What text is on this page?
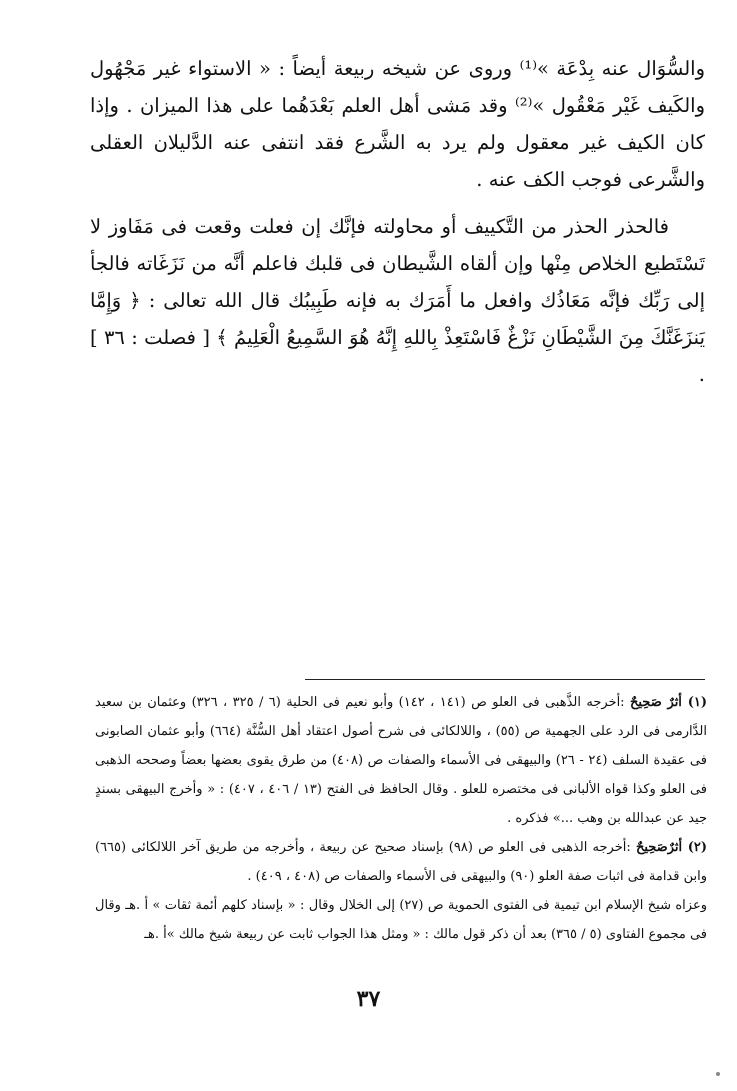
والسُّوَال عنه بِدْعَة »⁽¹⁾ وروى عن شيخه ربيعة أيضاً : « الاستواء غير مَجْهُول والكَيف غَيْر مَعْقُول »⁽²⁾ وقد مَشى أهل العلم بَعْدَهُما على هذا الميزان . وإذا كان الكيف غير معقول ولم يرد به الشَّرع فقد انتفى عنه الدَّليلان العقلى والشَّرعى فوجب الكف عنه .

فالحذر الحذر من التَّكييف أو محاولته فإنَّك إن فعلت وقعت فى مَفَاوز لا تَسْتَطيع الخلاص مِنْها وإن ألقاه الشَّيطان فى قلبك فاعلم أنَّه من نَزَغَاته فالجأ إلى رَبِّك فإنَّه مَعَاذُك وافعل ما أَمَرَك به فإنه طَبِيبُك قال الله تعالى : ﴿ وَإِمَّا يَنزَغَنَّكَ مِنَ الشَّيْطَانِ نَزْغٌ فَاسْتَعِذْ بِاللهِ إِنَّهُ هُوَ السَّمِيعُ الْعَلِيمُ ﴾ [ فصلت : ٣٦ ] .

(١) أثرٌ صَحِيحٌ :أخرجه الذَّهبى فى العلو ص (١٤١ ، ١٤٢) وأبو نعيم فى الحلية (٦ / ٣٢٥ ، ٣٢٦) وعثمان بن سعيد الدَّارمى فى الرد على الجهمية ص (٥٥) ، واللالكائى فى شرح أصول اعتقاد أهل السُّنَّة (٦٦٤) وأبو عثمان الصابونى فى عقيدة السلف (٢٤ - ٢٦) والبيهقى فى الأسماء والصفات ص (٤٠٨) من طرق يقوى بعضها بعضاً وصححه الذهبى فى العلو وكذا قواه الألبانى فى مختصره للعلو . وقال الحافظ فى الفتح (١٣ / ٤٠٦ ، ٤٠٧) : « وأخرج البيهقى بسندٍ جيد عن عبدالله بن وهب ...» فذكره .

(٢) أثرٌصَحِيحٌ :أخرجه الذهبى فى العلو ص (٩٨) بإسناد صحيح عن ربيعة ، وأخرجه من طريق آخر اللالكائى (٦٦٥) وابن قدامة فى اثبات صفة العلو (٩٠) والبيهقى فى الأسماء والصفات ص (٤٠٨ ، ٤٠٩) .

وعزاه شيخ الإسلام ابن تيمية فى الفتوى الحموية ص (٢٧) إلى الخلال وقال : « بإسناد كلهم أئمة ثقات » أ .هـ وقال فى مجموع الفتاوى (٥ / ٣٦٥) بعد أن ذكر قول مالك : « ومثل هذا الجواب ثابت عن ربيعة شيخ مالك »أ .هـ

٣٧
